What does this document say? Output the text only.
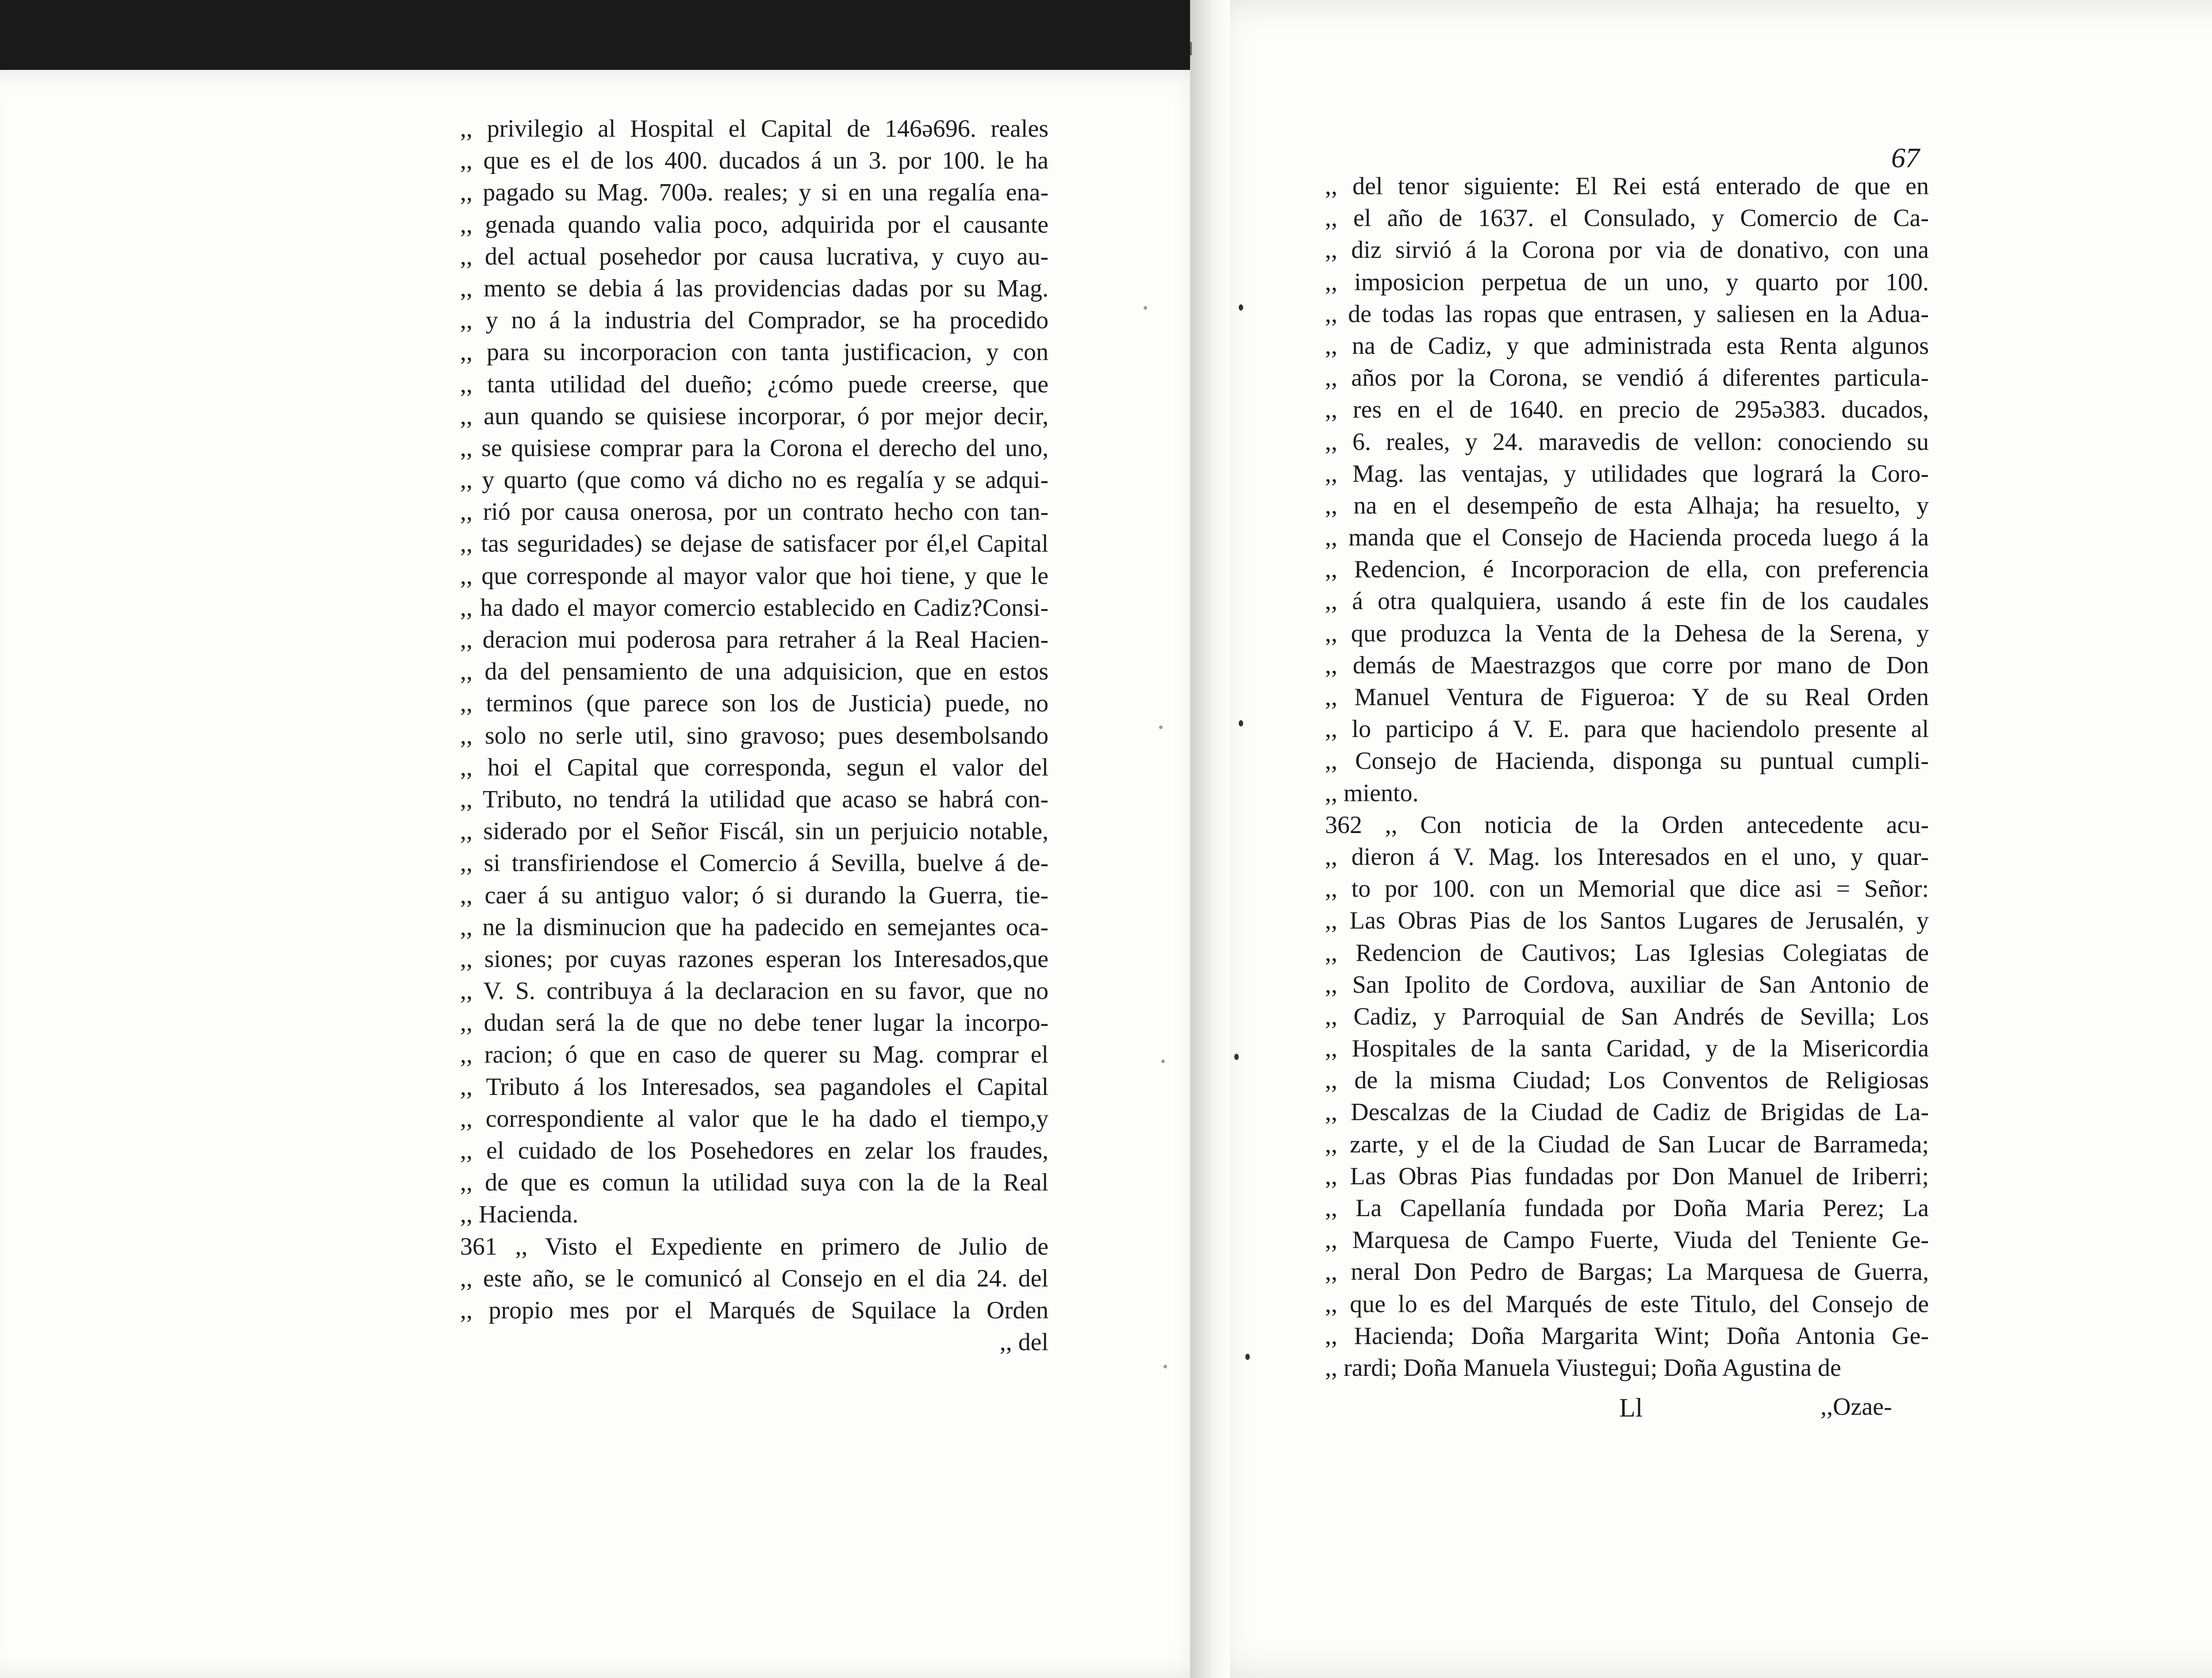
,, privilegio al Hospital el Capital de 146ə696. reales
,, que es el de los 400. ducados á un 3. por 100. le ha
,, pagado su Mag. 700ə. reales; y si en una regalía ena-
,, genada quando valia poco, adquirida por el causante
,, del actual posehedor por causa lucrativa, y cuyo au-
,, mento se debia á las providencias dadas por su Mag.
,, y no á la industria del Comprador, se ha procedido
,, para su incorporacion con tanta justificacion, y con
,, tanta utilidad del dueño; ¿cómo puede creerse, que
,, aun quando se quisiese incorporar, ó por mejor decir,
,, se quisiese comprar para la Corona el derecho del uno,
,, y quarto (que como vá dicho no es regalía y se adqui-
,, rió por causa onerosa, por un contrato hecho con tan-
,, tas seguridades) se dejase de satisfacer por él,el Capital
,, que corresponde al mayor valor que hoi tiene, y que le
,, ha dado el mayor comercio establecido en Cadiz?Consi-
,, deracion mui poderosa para retraher á la Real Hacien-
,, da del pensamiento de una adquisicion, que en estos
,, terminos (que parece son los de Justicia) puede, no
,, solo no serle util, sino gravoso; pues desembolsando
,, hoi el Capital que corresponda, segun el valor del
,, Tributo, no tendrá la utilidad que acaso se habrá con-
,, siderado por el Señor Fiscál, sin un perjuicio notable,
,, si transfiriendose el Comercio á Sevilla, buelve á de-
,, caer á su antiguo valor; ó si durando la Guerra, tie-
,, ne la disminucion que ha padecido en semejantes oca-
,, siones; por cuyas razones esperan los Interesados,que
,, V. S. contribuya á la declaracion en su favor, que no
,, dudan será la de que no debe tener lugar la incorpo-
,, racion; ó que en caso de querer su Mag. comprar el
,, Tributo á los Interesados, sea pagandoles el Capital
,, correspondiente al valor que le ha dado el tiempo,y
,, el cuidado de los Posehedores en zelar los fraudes,
,, de que es comun la utilidad suya con la de la Real
,, Hacienda.
361 ,, Visto el Expediente en primero de Julio de
,, este año, se le comunicó al Consejo en el dia 24. del
,, propio mes por el Marqués de Squilace la Orden
,, del
,, del tenor siguiente: El Rei está enterado de que en
,, el año de 1637. el Consulado, y Comercio de Ca-
,, diz sirvió á la Corona por via de donativo, con una
,, imposicion perpetua de un uno, y quarto por 100.
,, de todas las ropas que entrasen, y saliesen en la Adua-
,, na de Cadiz, y que administrada esta Renta algunos
,, años por la Corona, se vendió á diferentes particula-
,, res en el de 1640. en precio de 295ə383. ducados,
,, 6. reales, y 24. maravedis de vellon: conociendo su
,, Mag. las ventajas, y utilidades que logrará la Coro-
,, na en el desempeño de esta Alhaja; ha resuelto, y
,, manda que el Consejo de Hacienda proceda luego á la
,, Redencion, é Incorporacion de ella, con preferencia
,, á otra qualquiera, usando á este fin de los caudales
,, que produzca la Venta de la Dehesa de la Serena, y
,, demás de Maestrazgos que corre por mano de Don
,, Manuel Ventura de Figueroa: Y de su Real Orden
,, lo participo á V. E. para que haciendolo presente al
,, Consejo de Hacienda, disponga su puntual cumpli-
,, miento.
362 ,, Con noticia de la Orden antecedente acu-
,, dieron á V. Mag. los Interesados en el uno, y quar-
,, to por 100. con un Memorial que dice asi = Señor:
,, Las Obras Pias de los Santos Lugares de Jerusalén, y
,, Redencion de Cautivos; Las Iglesias Colegiatas de
,, San Ipolito de Cordova, auxiliar de San Antonio de
,, Cadiz, y Parroquial de San Andrés de Sevilla; Los
,, Hospitales de la santa Caridad, y de la Misericordia
,, de la misma Ciudad; Los Conventos de Religiosas
,, Descalzas de la Ciudad de Cadiz de Brigidas de La-
,, zarte, y el de la Ciudad de San Lucar de Barrameda;
,, Las Obras Pias fundadas por Don Manuel de Iriberri;
,, La Capellanía fundada por Doña Maria Perez; La
,, Marquesa de Campo Fuerte, Viuda del Teniente Ge-
,, neral Don Pedro de Bargas; La Marquesa de Guerra,
,, que lo es del Marqués de este Titulo, del Consejo de
,, Hacienda; Doña Margarita Wint; Doña Antonia Ge-
,, rardi; Doña Manuela Viustegui; Doña Agustina de
67
Ll	,,Ozae-
